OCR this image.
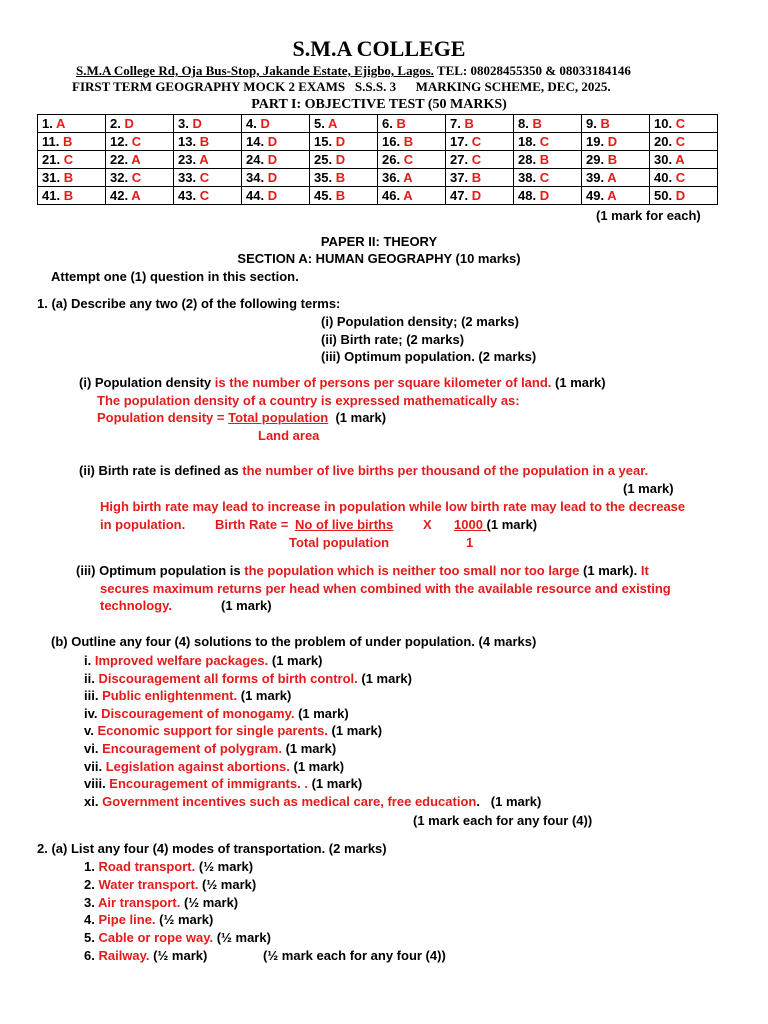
S.M.A COLLEGE
S.M.A College Rd, Oja Bus-Stop, Jakande Estate, Ejigbo, Lagos. TEL: 08028455350 & 08033184146
FIRST TERM GEOGRAPHY MOCK 2 EXAMS   S.S.S. 3      MARKING SCHEME, DEC, 2025.
PART I: OBJECTIVE TEST (50 MARKS)
1. A	2. D	3. D	4. D	5. A	6. B	7. B	8. B	9. B	10. C
11. B	12. C	13. B	14. D	15. D	16. B	17. C	18. C	19. D	20. C
21. C	22. A	23. A	24. D	25. D	26. C	27. C	28. B	29. B	30. A
31. B	32. C	33. C	34. D	35. B	36. A	37. B	38. C	39. A	40. C
41. B	42. A	43. C	44. D	45. B	46. A	47. D	48. D	49. A	50. D
(1 mark for each)
PAPER II: THEORY
SECTION A: HUMAN GEOGRAPHY (10 marks)
Attempt one (1) question in this section.
1. (a) Describe any two (2) of the following terms:
(i) Population density; (2 marks)
(ii) Birth rate; (2 marks)
(iii) Optimum population. (2 marks)
(i) Population density is the number of persons per square kilometer of land. (1 mark)
The population density of a country is expressed mathematically as:
Population density = Total population  (1 mark)
Land area
(ii) Birth rate is defined as the number of live births per thousand of the population in a year.
(1 mark)
High birth rate may lead to increase in population while low birth rate may lead to the decrease
in population. Birth Rate = No of live births X 1000 (1 mark)
Total population	1
(iii) Optimum population is the population which is neither too small nor too large (1 mark). It
secures maximum returns per head when combined with the available resource and existing
technology.	(1 mark)
(b) Outline any four (4) solutions to the problem of under population. (4 marks)
i. Improved welfare packages. (1 mark)
ii. Discouragement all forms of birth control. (1 mark)
iii. Public enlightenment. (1 mark)
iv. Discouragement of monogamy. (1 mark)
v. Economic support for single parents. (1 mark)
vi. Encouragement of polygram. (1 mark)
vii. Legislation against abortions. (1 mark)
viii. Encouragement of immigrants. . (1 mark)
xi. Government incentives such as medical care, free education.   (1 mark)
(1 mark each for any four (4))
2. (a) List any four (4) modes of transportation. (2 marks)
1. Road transport. (½ mark)
2. Water transport. (½ mark)
3. Air transport. (½ mark)
4. Pipe line. (½ mark)
5. Cable or rope way. (½ mark)
6. Railway. (½ mark)	(½ mark each for any four (4))
